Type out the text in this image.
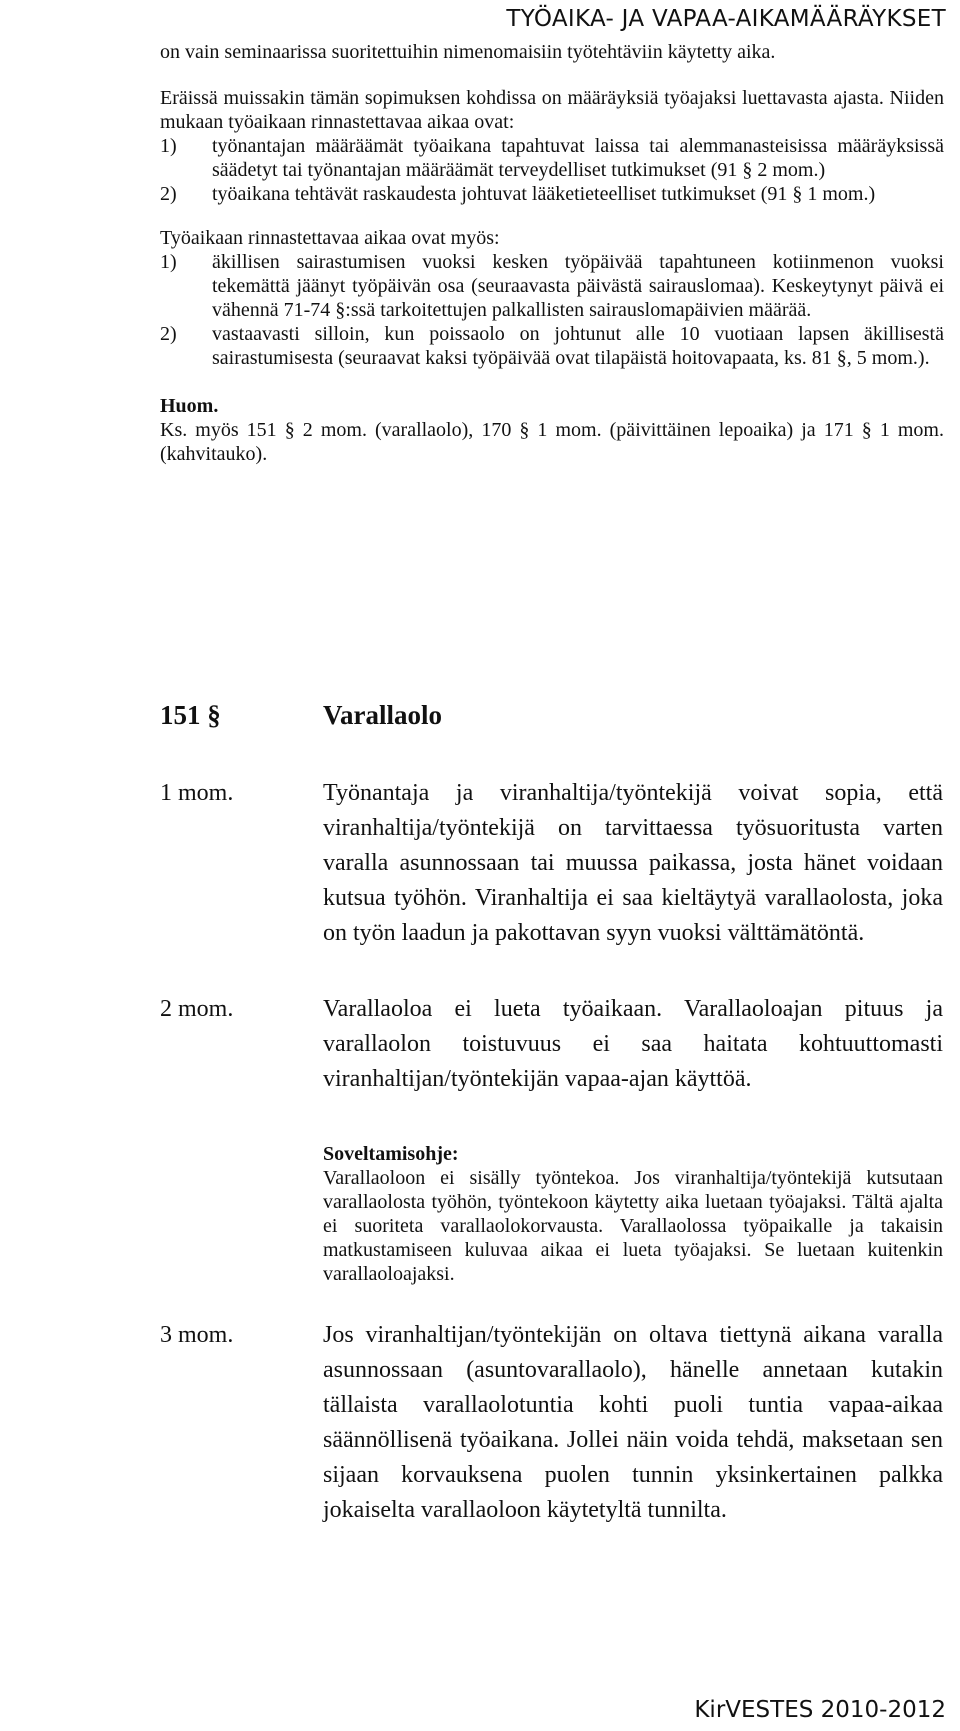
TYÖAIKA- JA VAPAA-AIKAMÄÄRÄYKSET

on vain seminaarissa suoritettuihin nimenomaisiin työtehtäviin käytetty aika.

Eräissä muissakin tämän sopimuksen kohdissa on määräyksiä työajaksi luettavasta ajasta. Niiden mukaan työaikaan rinnastettavaa aikaa ovat:

1)	työnantajan määräämät työaikana tapahtuvat laissa tai alemmanasteisissa määräyksissä säädetyt tai työnantajan määräämät terveydelliset tutkimukset (91 § 2 mom.)
2)	työaikana tehtävät raskaudesta johtuvat lääketieteelliset tutkimukset (91 § 1 mom.)

Työaikaan rinnastettavaa aikaa ovat myös:

1)	äkillisen sairastumisen vuoksi kesken työpäivää tapahtuneen kotiinmenon vuoksi tekemättä jäänyt työpäivän osa (seuraavasta päivästä sairauslomaa). Keskeytynyt päivä ei vähennä 71-74 §:ssä tarkoitettujen palkallisten sairauslomapäivien määrää.
2)	vastaavasti silloin, kun poissaolo on johtunut alle 10 vuotiaan lapsen äkillisestä sairastumisesta (seuraavat kaksi työpäivää ovat tilapäistä hoitovapaata, ks. 81 §, 5 mom.).

Huom.

Ks. myös 151 § 2 mom. (varallaolo), 170 § 1 mom. (päivittäinen lepoaika) ja 171 § 1 mom. (kahvitauko).

151 §	Varallaolo
1 mom.	Työnantaja ja viranhaltija/työntekijä voivat sopia, että viranhaltija/työntekijä on tarvittaessa työsuoritusta varten varalla asunnossaan tai muussa paikassa, josta hänet voidaan kutsua työhön. Viranhaltija ei saa kieltäytyä varallaolosta, joka on työn laadun ja pakottavan syyn vuoksi välttämätöntä.
2 mom.	Varallaoloa ei lueta työaikaan. Varallaoloajan pituus ja varallaolon toistuvuus ei saa haitata kohtuuttomasti viranhaltijan/työntekijän vapaa-ajan käyttöä.
Soveltamisohje:
Varallaoloon ei sisälly työntekoa. Jos viranhaltija/työntekijä kutsutaan varallaolosta työhön, työntekoon käytetty aika luetaan työajaksi. Tältä ajalta ei suoriteta varallaolokorvausta. Varallaolossa työpaikalle ja takaisin matkustamiseen kuluvaa aikaa ei lueta työajaksi. Se luetaan kuitenkin varallaoloajaksi.
3 mom.	Jos viranhaltijan/työntekijän on oltava tiettynä aikana varalla asunnossaan (asuntovarallaolo), hänelle annetaan kutakin tällaista varallaolotuntia kohti puoli tuntia vapaa-aikaa säännöllisenä työaikana. Jollei näin voida tehdä, maksetaan sen sijaan korvauksena puolen tunnin yksinkertainen palkka jokaiselta varallaoloon käytetyltä tunnilta.
KirVESTES 2010-2012
